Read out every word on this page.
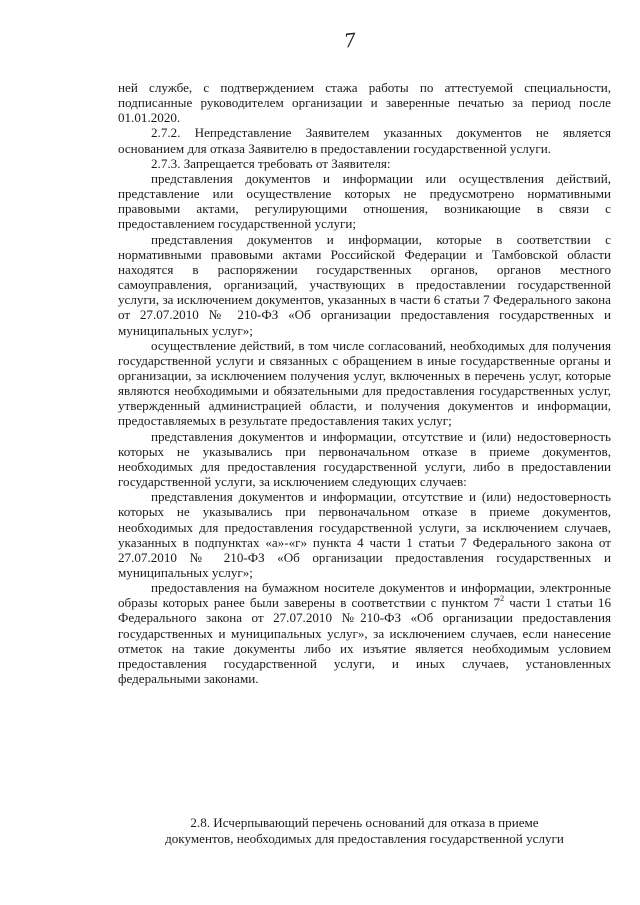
7

ней службе, с подтверждением стажа работы по аттестуемой специальности, подписанные руководителем организации и заверенные печатью за период после 01.01.2020.

2.7.2. Непредставление Заявителем указанных документов не является основанием для отказа Заявителю в предоставлении государственной услуги.

2.7.3. Запрещается требовать от Заявителя:

представления документов и информации или осуществления действий, представление или осуществление которых не предусмотрено нормативными правовыми актами, регулирующими отношения, возникающие в связи с предоставлением государственной услуги;

представления документов и информации, которые в соответствии с нормативными правовыми актами Российской Федерации и Тамбовской области находятся в распоряжении государственных органов, органов местного самоуправления, организаций, участвующих в предоставлении государственной услуги, за исключением документов, указанных в части 6 статьи 7 Федерального закона от 27.07.2010 № 210-ФЗ «Об организации предоставления государственных и муниципальных услуг»;

осуществление действий, в том числе согласований, необходимых для получения государственной услуги и связанных с обращением в иные государственные органы и организации, за исключением получения услуг, включенных в перечень услуг, которые являются необходимыми и обязательными для предоставления государственных услуг, утвержденный администрацией области, и получения документов и информации, предоставляемых в результате предоставления таких услуг;

представления документов и информации, отсутствие и (или) недостоверность которых не указывались при первоначальном отказе в приеме документов, необходимых для предоставления государственной услуги, либо в предоставлении государственной услуги, за исключением следующих случаев:

представления документов и информации, отсутствие и (или) недостоверность которых не указывались при первоначальном отказе в приеме документов, необходимых для предоставления государственной услуги, за исключением случаев, указанных в подпунктах «а»-«г» пункта 4 части 1 статьи 7 Федерального закона от 27.07.2010 № 210-ФЗ «Об организации предоставления государственных и муниципальных услуг»;

предоставления на бумажном носителе документов и информации, электронные образы которых ранее были заверены в соответствии с пунктом $7^2$ части 1 статьи 16 Федерального закона от 27.07.2010 №210-ФЗ «Об организации предоставления государственных и муниципальных услуг», за исключением случаев, если нанесение отметок на такие документы либо их изъятие является необходимым условием предоставления государственной услуги, и иных случаев, установленных федеральными законами.

2.8. Исчерпывающий перечень оснований для отказа в приеме
документов, необходимых для предоставления государственной услуги
